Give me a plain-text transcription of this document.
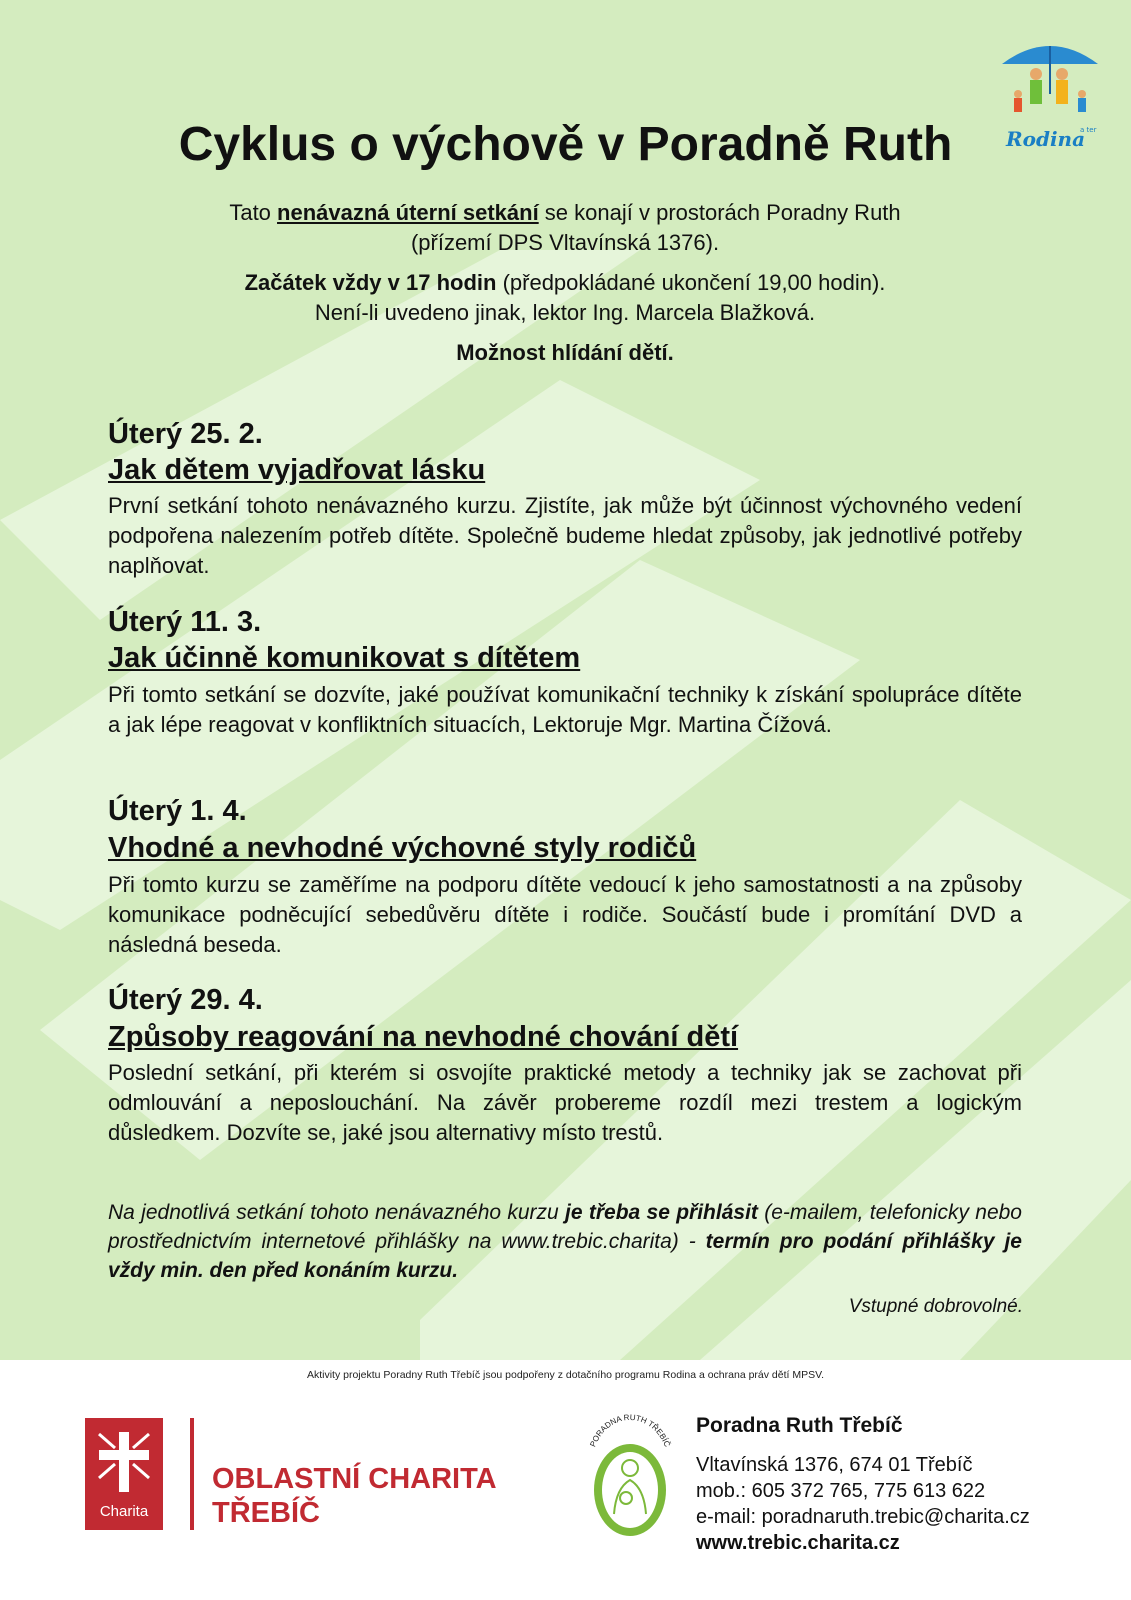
Rodina
a ter
Cyklus o výchově v Poradně Ruth
Tato nenávazná úterní setkání se konají v prostorách Poradny Ruth
(přízemí DPS Vltavínská 1376).
Začátek vždy v 17 hodin (předpokládané ukončení 19,00 hodin).
Není-li uvedeno jinak, lektor Ing. Marcela Blažková.
Možnost hlídání dětí.
Úterý 25. 2.
Jak dětem vyjadřovat lásku
První setkání tohoto nenávazného kurzu. Zjistíte, jak může být účinnost výchovného vedení podpořena nalezením potřeb dítěte. Společně budeme hledat způsoby, jak jednotlivé potřeby naplňovat.
Úterý 11. 3.
Jak účinně komunikovat s dítětem
Při tomto setkání se dozvíte, jaké používat komunikační techniky k získání spolupráce dítěte a jak lépe reagovat v konfliktních situacích, Lektoruje Mgr. Martina Čížová.
Úterý 1. 4.
Vhodné a nevhodné výchovné styly rodičů
Při tomto kurzu se zaměříme na podporu dítěte vedoucí k jeho samostatnosti a na způsoby komunikace podněcující sebedůvěru dítěte i rodiče. Součástí bude i promítání DVD a následná beseda.
Úterý 29. 4.
Způsoby reagování na nevhodné chování dětí
Poslední setkání, při kterém si osvojíte praktické metody a techniky jak se zachovat při odmlouvání a neposlouchání. Na závěr probereme rozdíl mezi trestem a logickým důsledkem. Dozvíte se, jaké jsou alternativy místo trestů.
Na jednotlivá setkání tohoto nenávazného kurzu je třeba se přihlásit (e-mailem, telefonicky nebo prostřednictvím internetové přihlášky na www.trebic.charita) - termín pro podání přihlášky je vždy min. den před konáním kurzu.
Vstupné dobrovolné.
Aktivity projektu Poradny Ruth Třebíč jsou podpořeny z dotačního programu Rodina a ochrana práv dětí MPSV.
Charita
OBLASTNÍ CHARITA
TŘEBÍČ
PORADNA RUTH TŘEBÍČ
Poradna Ruth Třebíč
Vltavínská 1376, 674 01 Třebíč
mob.: 605 372 765, 775 613 622
e-mail: poradnaruth.trebic@charita.cz
www.trebic.charita.cz
